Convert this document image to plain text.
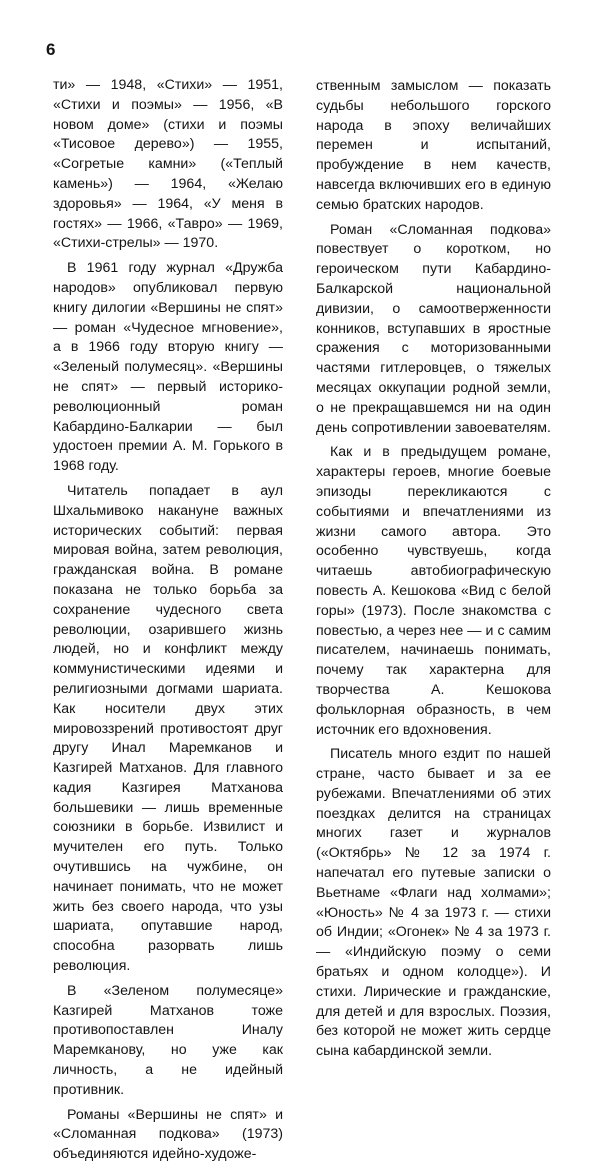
6

ти» — 1948, «Стихи» — 1951, «Стихи и поэмы» — 1956, «В новом доме» (стихи и поэмы «Тисовое дерево») — 1955, «Согретые камни» («Теплый камень») — 1964, «Желаю здоровья» — 1964, «У меня в гостях» — 1966, «Таврo» — 1969, «Стихи-стрелы» — 1970.

В 1961 году журнал «Дружба народов» опубликовал первую книгу дилогии «Вершины не спят» — роман «Чудесное мгновение», а в 1966 году вторую книгу — «Зеленый полумесяц». «Вершины не спят» — первый историко-революционный роман Кабардино-Балкарии — был удостоен премии А. М. Горького в 1968 году.

Читатель попадает в аул Шхальмивоко накануне важных исторических событий: первая мировая война, затем революция, гражданская война. В романе показана не только борьба за сохранение чудесного света революции, озарившего жизнь людей, но и конфликт между коммунистическими идеями и религиозными догмами шариата. Как носители двух этих мировоззрений противостоят друг другу Инал Маремканов и Казгирей Матханов. Для главного кадия Казгирея Матханова большевики — лишь временные союзники в борьбе. Извилист и мучителен его путь. Только очутившись на чужбине, он начинает понимать, что не может жить без своего народа, что узы шариата, опутавшие народ, способна разорвать лишь революция.

В «Зеленом полумесяце» Казгирей Матханов тоже противопоставлен Иналу Маремканову, но уже как личность, а не идейный противник.

Романы «Вершины не спят» и «Сломанная подкова» (1973) объединяются идейно-художе-

ственным замыслом — показать судьбы небольшого горского народа в эпоху величайших перемен и испытаний, пробуждение в нем качеств, навсегда включивших его в единую семью братских народов.

Роман «Сломанная подкова» повествует о коротком, но героическом пути Кабардино-Балкарской национальной дивизии, о самоотверженности конников, вступавших в яростные сражения с моторизованными частями гитлеровцев, о тяжелых месяцах оккупации родной земли, о не прекращавшемся ни на один день сопротивлении завоевателям.

Как и в предыдущем романе, характеры героев, многие боевые эпизоды перекликаются с событиями и впечатлениями из жизни самого автора. Это особенно чувствуешь, когда читаешь автобиографическую повесть А. Кешокова «Вид с белой горы» (1973). После знакомства с повестью, а через нее — и с самим писателем, начинаешь понимать, почему так характерна для творчества А. Кешокова фольклорная образность, в чем источник его вдохновения.

Писатель много ездит по нашей стране, часто бывает и за ее рубежами. Впечатлениями об этих поездках делится на страницах многих газет и журналов («Октябрь» № 12 за 1974 г. напечатал его путевые записки о Вьетнаме «Флаги над холмами»; «Юность» № 4 за 1973 г. — стихи об Индии; «Огонек» № 4 за 1973 г. — «Индийскую поэму о семи братьях и одном колодце»). И стихи. Лирические и гражданские, для детей и для взрослых. Поэзия, без которой не может жить сердце сына кабардинской земли.
